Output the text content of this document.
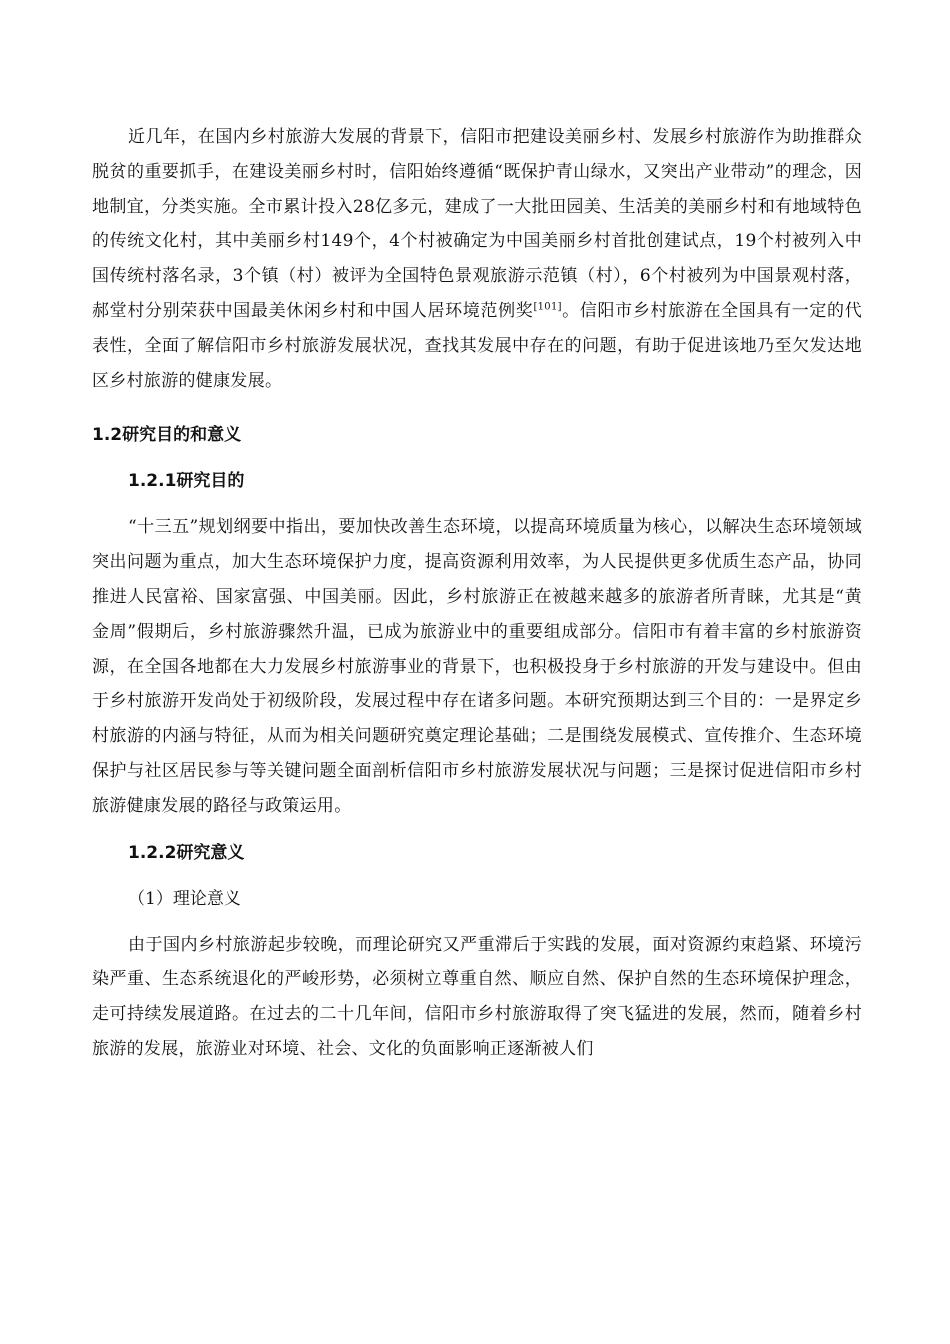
近几年，在国内乡村旅游大发展的背景下，信阳市把建设美丽乡村、发展乡村旅游作为助推群众脱贫的重要抓手，在建设美丽乡村时，信阳始终遵循“既保护青山绿水，又突出产业带动”的理念，因地制宜，分类实施。全市累计投入28亿多元，建成了一大批田园美、生活美的美丽乡村和有地域特色的传统文化村，其中美丽乡村149个，4个村被确定为中国美丽乡村首批创建试点，19个村被列入中国传统村落名录，3个镇（村）被评为全国特色景观旅游示范镇（村），6个村被列为中国景观村落，郝堂村分别荣获中国最美休闲乡村和中国人居环境范例奖[101]。信阳市乡村旅游在全国具有一定的代表性，全面了解信阳市乡村旅游发展状况，查找其发展中存在的问题，有助于促进该地乃至欠发达地区乡村旅游的健康发展。

1.2研究目的和意义
1.2.1研究目的

“十三五”规划纲要中指出，要加快改善生态环境，以提高环境质量为核心，以解决生态环境领域突出问题为重点，加大生态环境保护力度，提高资源利用效率，为人民提供更多优质生态产品，协同推进人民富裕、国家富强、中国美丽。因此，乡村旅游正在被越来越多的旅游者所青睐，尤其是“黄金周”假期后，乡村旅游骤然升温，已成为旅游业中的重要组成部分。信阳市有着丰富的乡村旅游资源，在全国各地都在大力发展乡村旅游事业的背景下，也积极投身于乡村旅游的开发与建设中。但由于乡村旅游开发尚处于初级阶段，发展过程中存在诸多问题。本研究预期达到三个目的：一是界定乡村旅游的内涵与特征，从而为相关问题研究奠定理论基础；二是围绕发展模式、宣传推介、生态环境保护与社区居民参与等关键问题全面剖析信阳市乡村旅游发展状况与问题；三是探讨促进信阳市乡村旅游健康发展的路径与政策运用。

1.2.2研究意义
（1）理论意义

由于国内乡村旅游起步较晚，而理论研究又严重滞后于实践的发展，面对资源约束趋紧、环境污染严重、生态系统退化的严峻形势，必须树立尊重自然、顺应自然、保护自然的生态环境保护理念，走可持续发展道路。在过去的二十几年间，信阳市乡村旅游取得了突飞猛进的发展，然而，随着乡村旅游的发展，旅游业对环境、社会、文化的负面影响正逐渐被人们
